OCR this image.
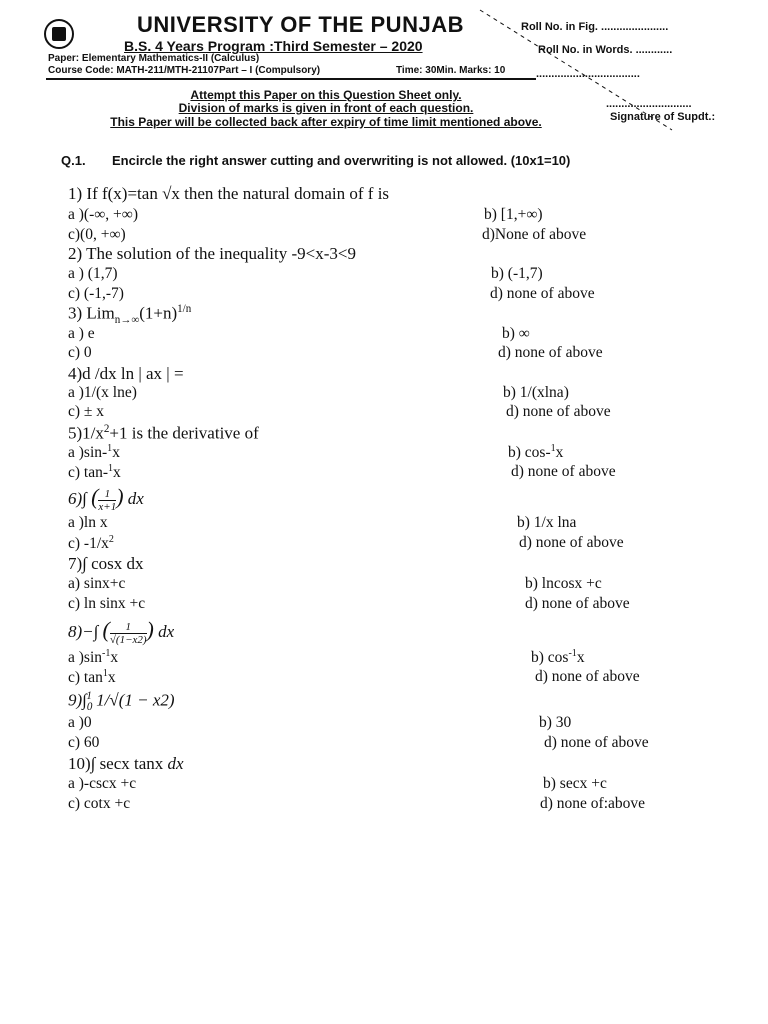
UNIVERSITY OF THE PUNJAB
B.S. 4 Years Program :Third Semester – 2020
Paper: Elementary Mathematics-II (Calculus)
Course Code: MATH-211/MTH-21107Part – I (Compulsory)	Time: 30Min. Marks: 10
Roll No. in Fig. ......................
Roll No. in Words. ............
..................................
............................
Signature of Supdt.:
Attempt this Paper on this Question Sheet only.
Division of marks is given in front of each question.
This Paper will be collected back after expiry of time limit mentioned above.
Q.1. Encircle the right answer cutting and overwriting is not allowed. (10x1=10)
1) If f(x)=tan √x then the natural domain of f is
a )(-∞, +∞)	b) [1,+∞)
c)(0, +∞)	d)None of above
2) The solution of the inequality -9<x-3<9
a ) (1,7)	b) (-1,7)
c) (-1,-7)	d) none of above
3) $Lim_{n\to\infty}(1+n)^{1/n}$
a ) e	b) ∞
c) 0	d) none of above
4)d /dx ln | ax | =
a )1/(x lne)	b) 1/(xlna)
c) ± x	d) none of above
$5)1/x^2+1$ is the derivative of
a )sin-$^1$x	b) cos-$^1$x
c) tan-$^1$x	d) none of above
6)∫ ( $\frac{1}{x+1}$ ) dx
a )ln x	b) 1/x lna
c) $-1/x^2$	d) none of above
7)∫ cosx dx
a) sinx+c	b) lncosx +c
c) ln sinx +c	d) none of above
8)−∫ ( $\frac{1}{√(1-x2)}$ ) dx
a )$\sin^{-1}x$	b) $\cos^{-1}x$
c) $\tan^1x$	d) none of above
$9)\int_0^1$ 1/√(1 − x2)
a )0	b) 30
c) 60	d) none of above
10)∫ secx tanx dx
a )-cscx +c	b) secx +c
c) cotx +c	d) none of:above
